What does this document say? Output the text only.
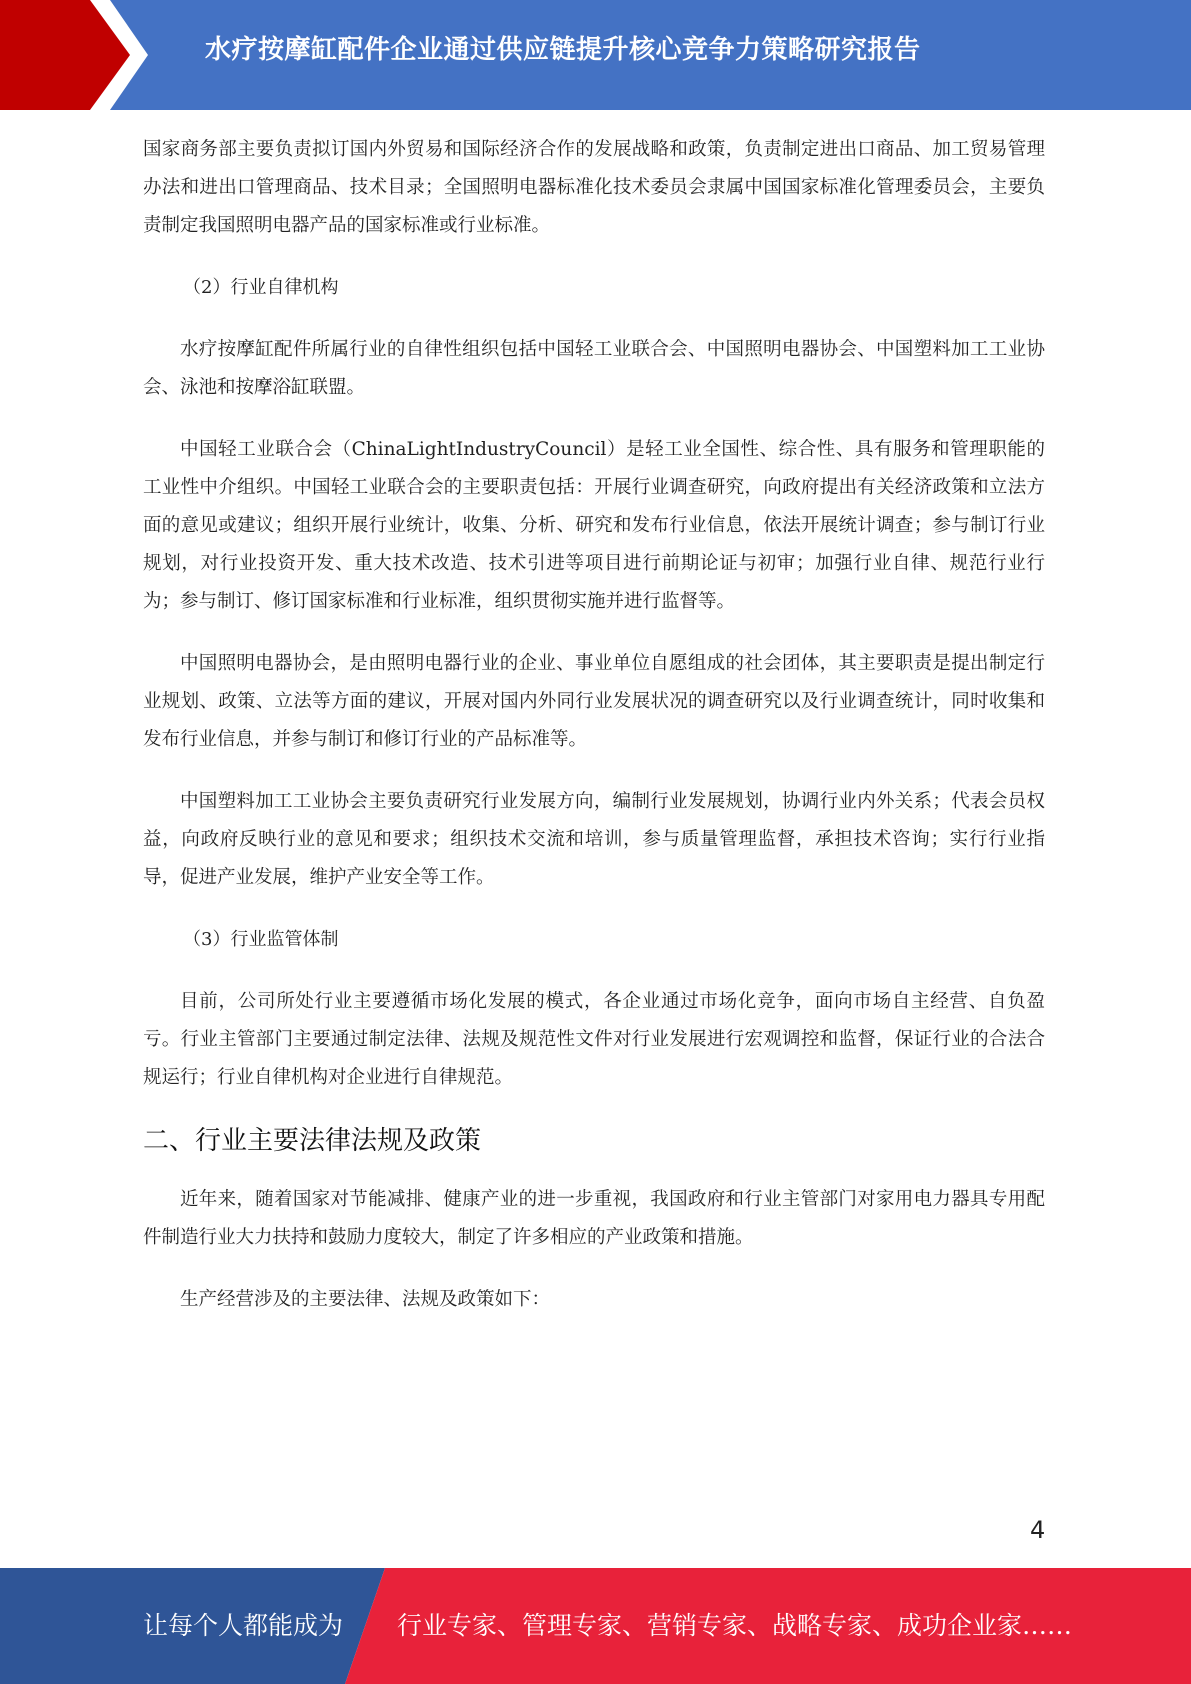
水疗按摩缸配件企业通过供应链提升核心竞争力策略研究报告

国家商务部主要负责拟订国内外贸易和国际经济合作的发展战略和政策，负责制定进出口商品、加工贸易管理办法和进出口管理商品、技术目录；全国照明电器标准化技术委员会隶属中国国家标准化管理委员会，主要负责制定我国照明电器产品的国家标准或行业标准。

（2）行业自律机构

水疗按摩缸配件所属行业的自律性组织包括中国轻工业联合会、中国照明电器协会、中国塑料加工工业协会、泳池和按摩浴缸联盟。

中国轻工业联合会（ChinaLightIndustryCouncil）是轻工业全国性、综合性、具有服务和管理职能的工业性中介组织。中国轻工业联合会的主要职责包括：开展行业调查研究，向政府提出有关经济政策和立法方面的意见或建议；组织开展行业统计，收集、分析、研究和发布行业信息，依法开展统计调查；参与制订行业规划，对行业投资开发、重大技术改造、技术引进等项目进行前期论证与初审；加强行业自律、规范行业行为；参与制订、修订国家标准和行业标准，组织贯彻实施并进行监督等。

中国照明电器协会，是由照明电器行业的企业、事业单位自愿组成的社会团体，其主要职责是提出制定行业规划、政策、立法等方面的建议，开展对国内外同行业发展状况的调查研究以及行业调查统计，同时收集和发布行业信息，并参与制订和修订行业的产品标准等。

中国塑料加工工业协会主要负责研究行业发展方向，编制行业发展规划，协调行业内外关系；代表会员权益，向政府反映行业的意见和要求；组织技术交流和培训，参与质量管理监督，承担技术咨询；实行行业指导，促进产业发展，维护产业安全等工作。

（3）行业监管体制

目前，公司所处行业主要遵循市场化发展的模式，各企业通过市场化竞争，面向市场自主经营、自负盈亏。行业主管部门主要通过制定法律、法规及规范性文件对行业发展进行宏观调控和监督，保证行业的合法合规运行；行业自律机构对企业进行自律规范。

二、行业主要法律法规及政策

近年来，随着国家对节能减排、健康产业的进一步重视，我国政府和行业主管部门对家用电力器具专用配件制造行业大力扶持和鼓励力度较大，制定了许多相应的产业政策和措施。

生产经营涉及的主要法律、法规及政策如下：

4
让每个人都能成为 行业专家、管理专家、营销专家、战略专家、成功企业家……
